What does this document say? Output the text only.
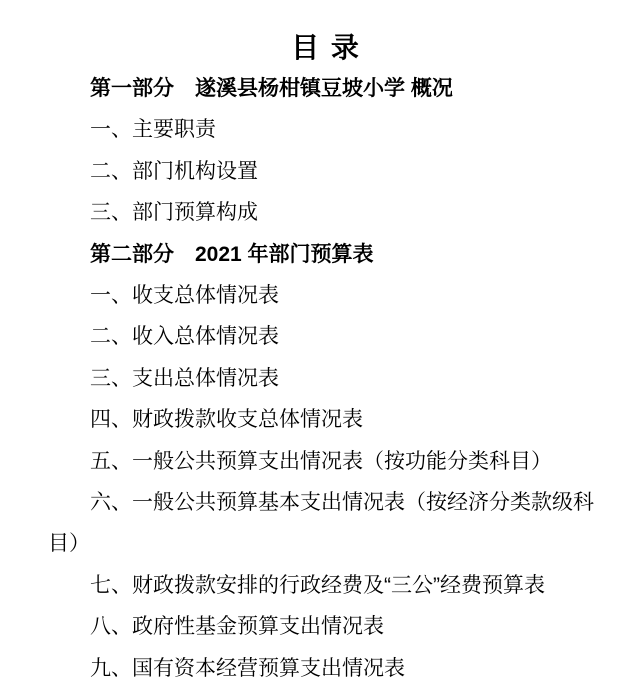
目 录

第一部分　遂溪县杨柑镇豆坡小学 概况

一、主要职责

二、部门机构设置

三、部门预算构成

第二部分　2021 年部门预算表

一、收支总体情况表

二、收入总体情况表

三、支出总体情况表

四、财政拨款收支总体情况表

五、一般公共预算支出情况表（按功能分类科目）

六、一般公共预算基本支出情况表（按经济分类款级科目）

七、财政拨款安排的行政经费及“三公”经费预算表

八、政府性基金预算支出情况表

九、国有资本经营预算支出情况表
